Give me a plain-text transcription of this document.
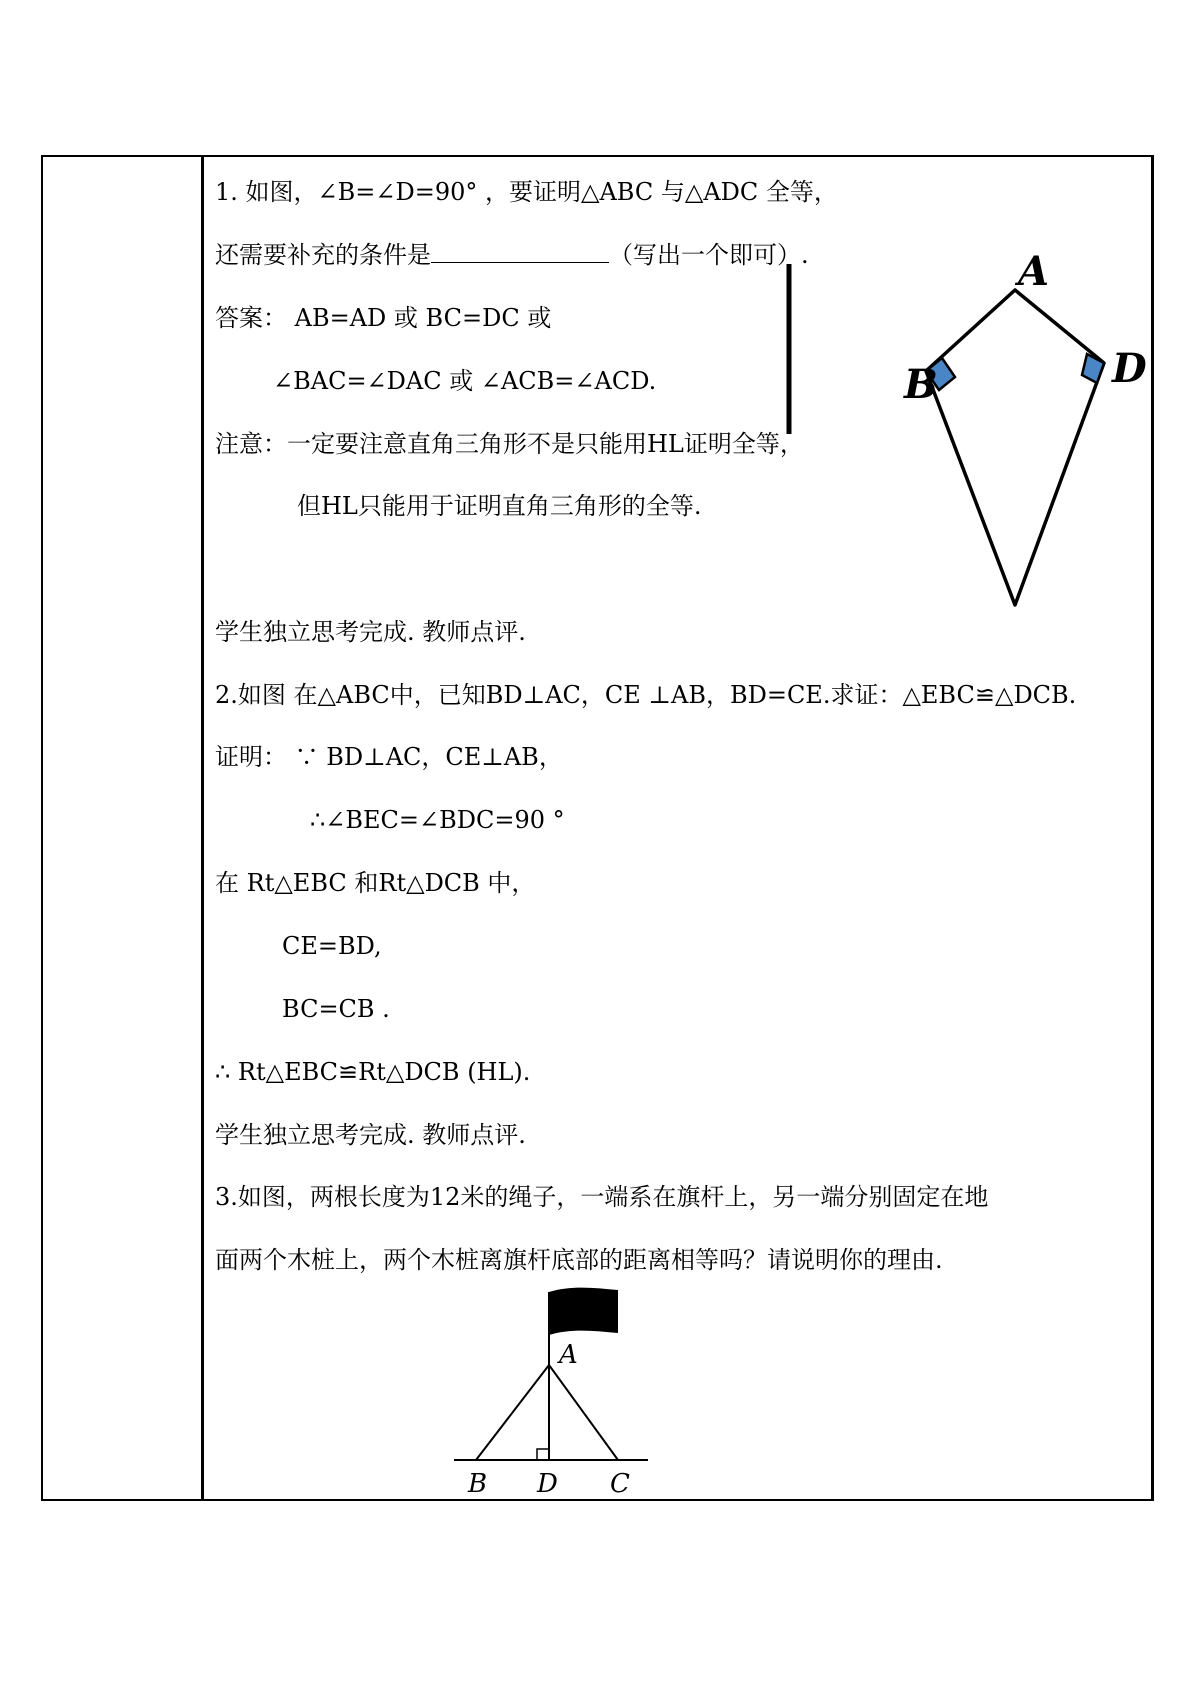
1. 如图，∠B=∠D=90° ，要证明△ABC 与△ADC 全等，
还需要补充的条件是	（写出一个即可）.
答案： AB=AD 或 BC=DC 或
∠BAC=∠DAC 或 ∠ACB=∠ACD.
注意：一定要注意直角三角形不是只能用HL证明全等，
但HL只能用于证明直角三角形的全等.
学生独立思考完成. 教师点评.
2.如图 在△ABC中，已知BD⊥AC，CE ⊥AB，BD=CE.求证：△EBC≌△DCB.
证明： ∵ BD⊥AC，CE⊥AB，
∴∠BEC=∠BDC=90 °
在 Rt△EBC 和Rt△DCB 中，
CE=BD,
BC=CB .
∴ Rt△EBC≌Rt△DCB (HL).
学生独立思考完成. 教师点评.
3.如图，两根长度为12米的绳子，一端系在旗杆上，另一端分别固定在地
面两个木桩上，两个木桩离旗杆底部的距离相等吗？请说明你的理由.
A
B	D
A
B D C
